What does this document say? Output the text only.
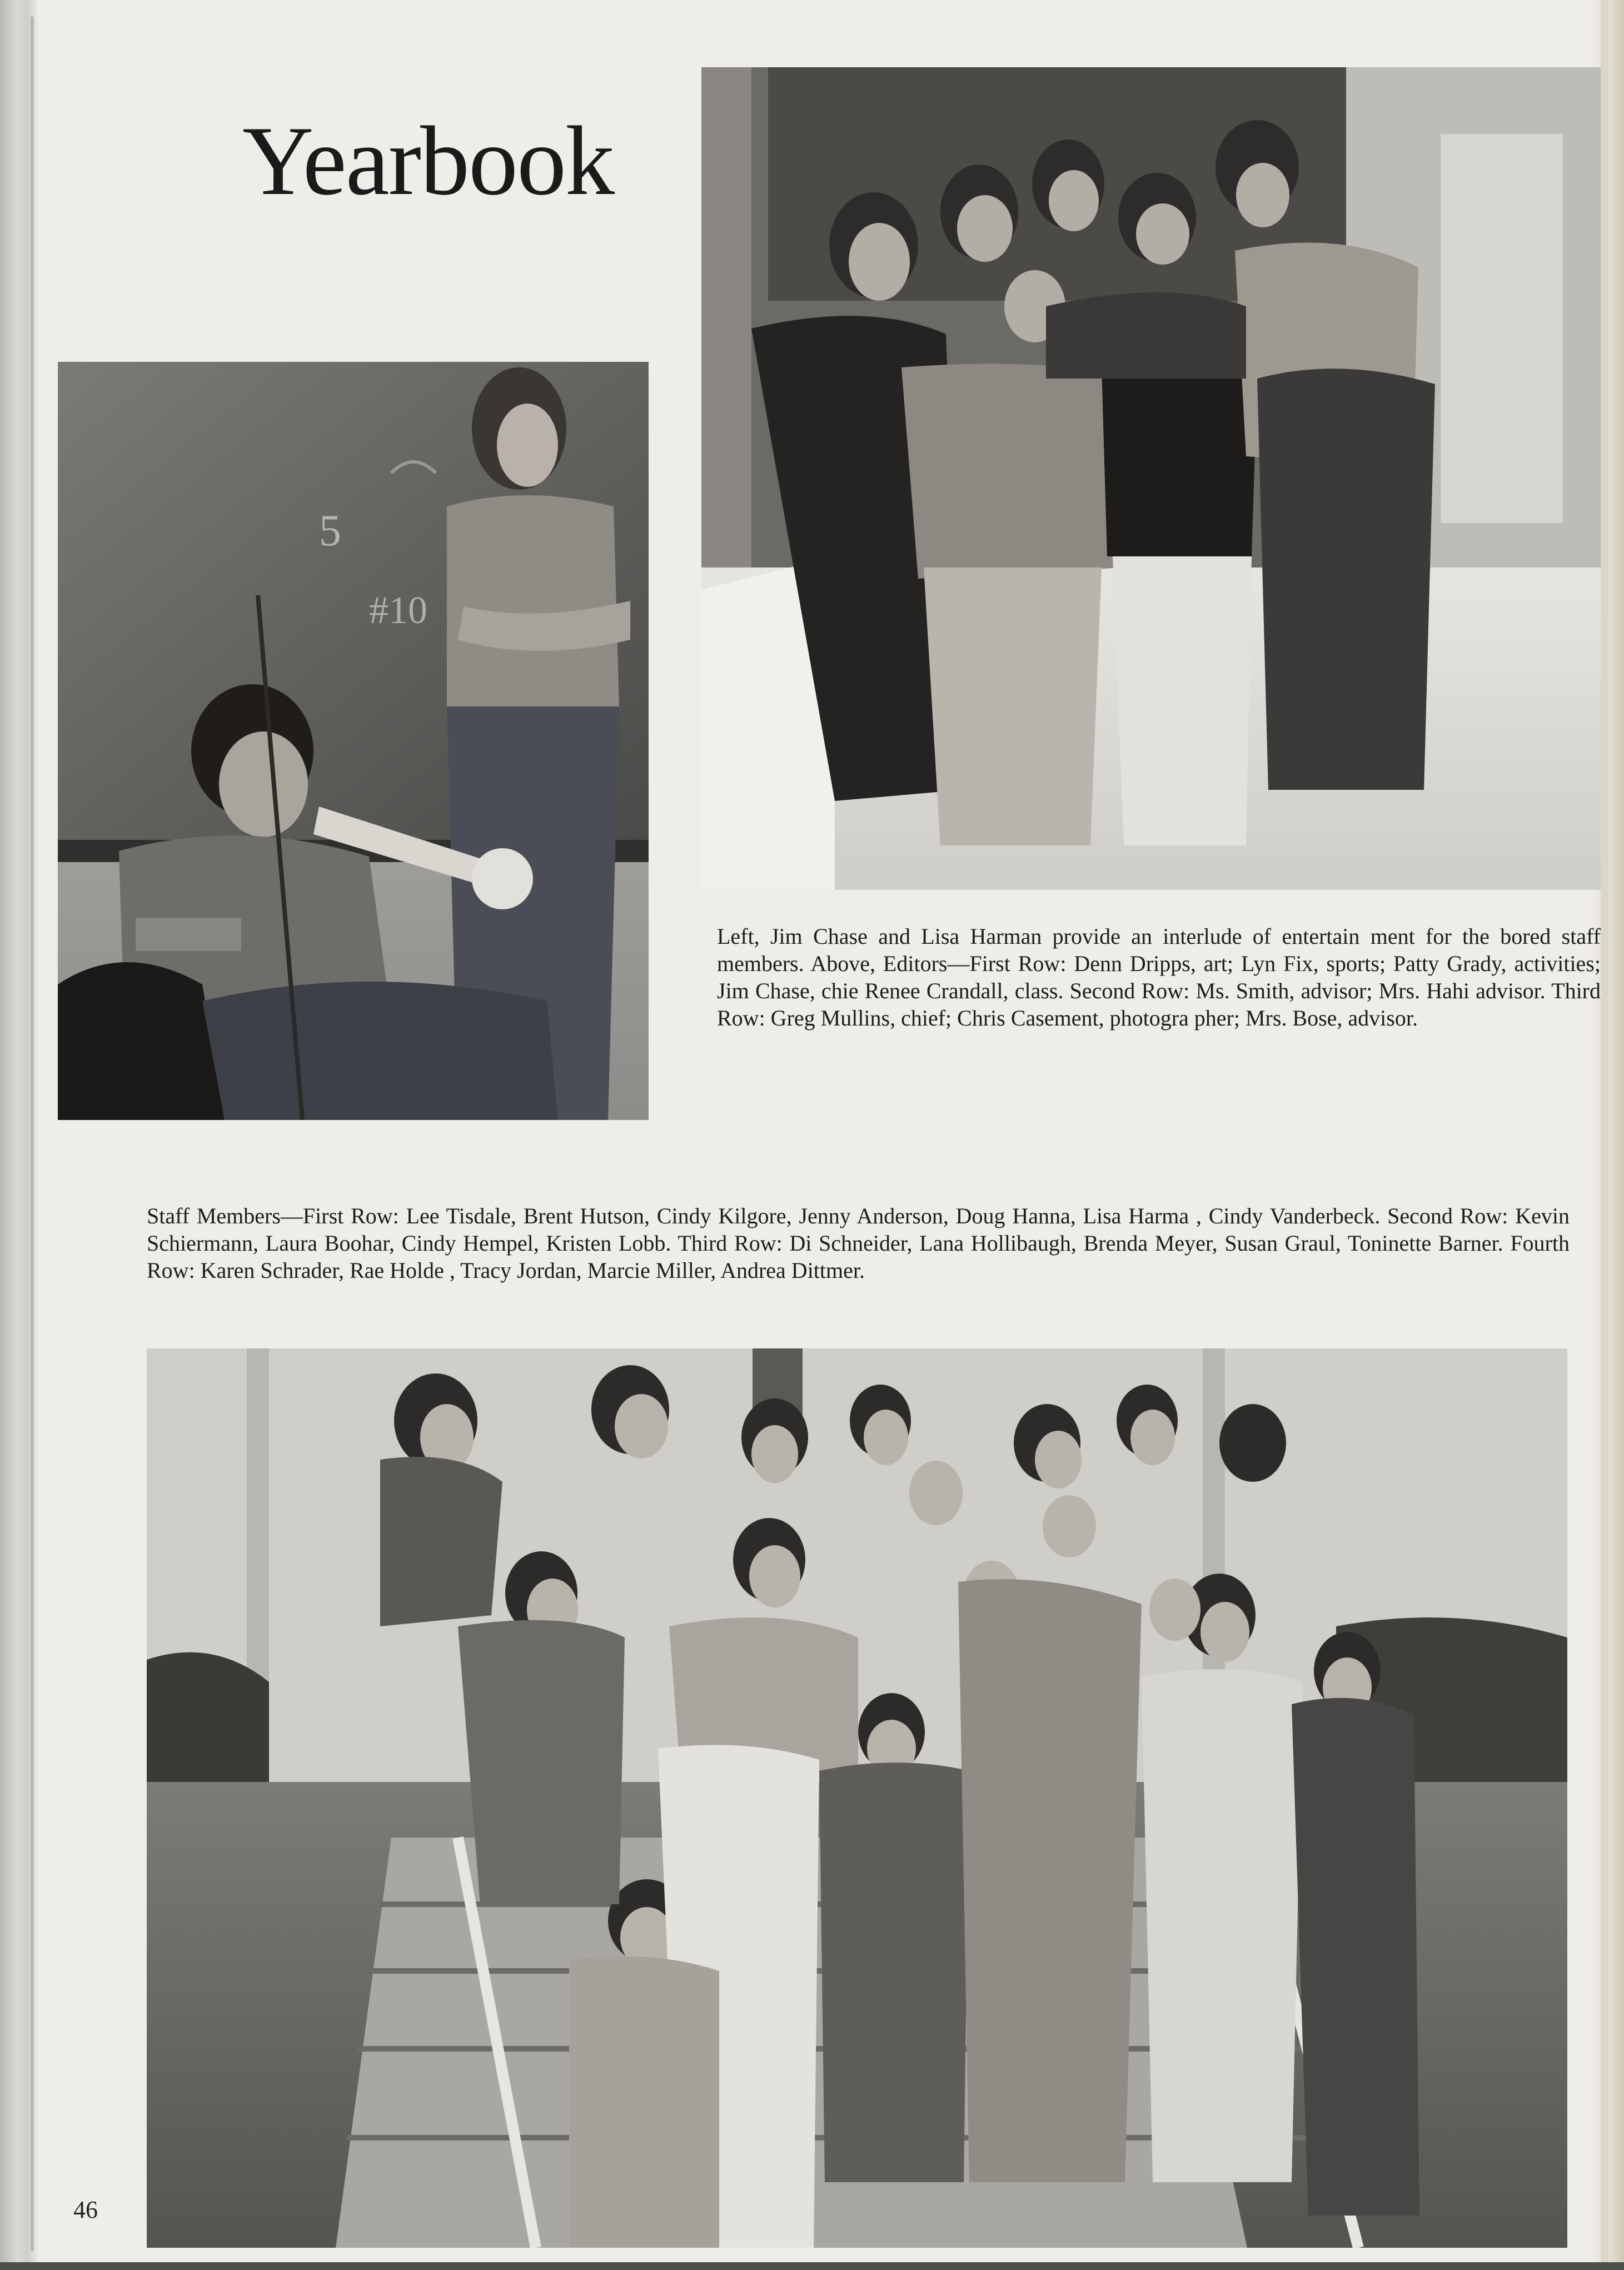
Yearbook
5
#10
Left, Jim Chase and Lisa Harman provide an interlude of entertain ment for the bored staff members. Above, Editors—First Row: Denn Dripps, art; Lyn Fix, sports; Patty Grady, activities; Jim Chase, chie Renee Crandall, class. Second Row: Ms. Smith, advisor; Mrs. Hahi advisor. Third Row: Greg Mullins, chief; Chris Casement, photogra pher; Mrs. Bose, advisor.
Staff Members—First Row: Lee Tisdale, Brent Hutson, Cindy Kilgore, Jenny Anderson, Doug Hanna, Lisa Harma , Cindy Vanderbeck. Second Row: Kevin Schiermann, Laura Boohar, Cindy Hempel, Kristen Lobb. Third Row: Di Schneider, Lana Hollibaugh, Brenda Meyer, Susan Graul, Toninette Barner. Fourth Row: Karen Schrader, Rae Holde , Tracy Jordan, Marcie Miller, Andrea Dittmer.
46
